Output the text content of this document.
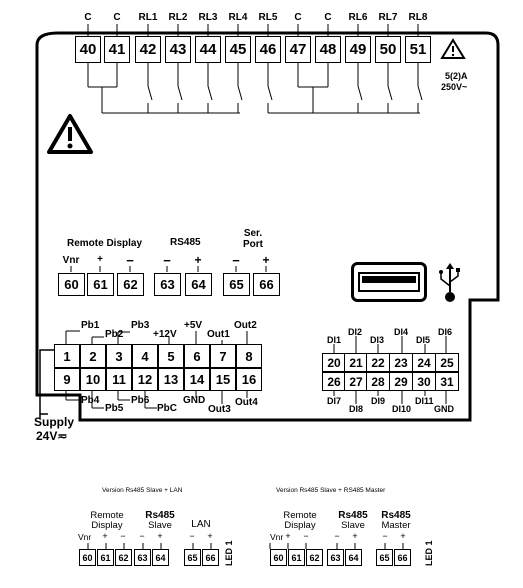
C C RL1 RL2 RL3 RL4 RL5 C C RL6 RL7 RL8
40 41 42 43 44 45 46 47 48 49 50 51
5(2)A
250V~
Remote Display	RS485
Ser.
Port
Vnr + − − + − +
60	61	62	63	64	65	66
Pb1
Pb2
Pb3
+12V
+5V
Out1
Out2
1	2	3	4	5	6	7	8
9	10 11 12 13 14 15 16
Pb4
Pb5
Pb6
PbC
GND
Out3
Out4
Supply
24V≂
DI1
DI2
DI3
DI4
DI5
DI6
20 21 22 23 24 25
26 27 28 29 30 31
DI7
DI8
DI9
DI10
DI11
GND
Version Rs485 Slave + LAN
Remote
Display
Rs485
Slave LAN
Vnr + − − +	− +
60 61 62 63 64	65 66 LED 1
Version Rs485 Slave + RS485 Master
Remote
Display
Rs485
Slave
Rs485
Master
Vnr + −	− +	− +
60 61 62	63 64	65 66	LED 1
